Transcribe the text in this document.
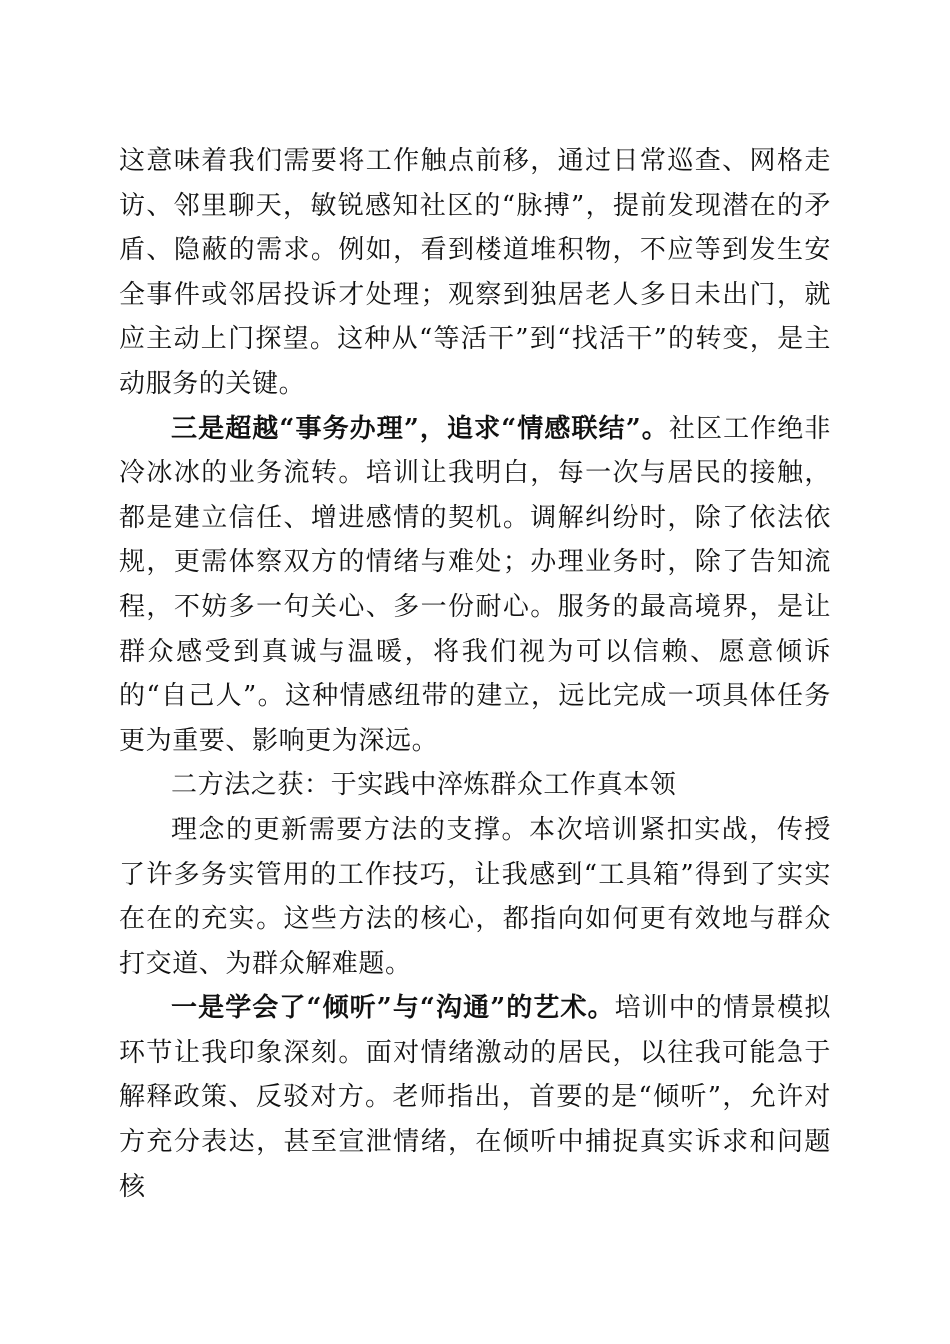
这意味着我们需要将工作触点前移，通过日常巡查、网格走访、邻里聊天，敏锐感知社区的“脉搏”，提前发现潜在的矛盾、隐蔽的需求。例如，看到楼道堆积物，不应等到发生安全事件或邻居投诉才处理；观察到独居老人多日未出门，就应主动上门探望。这种从“等活干”到“找活干”的转变，是主动服务的关键。

三是超越“事务办理”，追求“情感联结”。社区工作绝非冷冰冰的业务流转。培训让我明白，每一次与居民的接触，都是建立信任、增进感情的契机。调解纠纷时，除了依法依规，更需体察双方的情绪与难处；办理业务时，除了告知流程，不妨多一句关心、多一份耐心。服务的最高境界，是让群众感受到真诚与温暖，将我们视为可以信赖、愿意倾诉的“自己人”。这种情感纽带的建立，远比完成一项具体任务更为重要、影响更为深远。

二方法之获：于实践中淬炼群众工作真本领

理念的更新需要方法的支撑。本次培训紧扣实战，传授了许多务实管用的工作技巧，让我感到“工具箱”得到了实实在在的充实。这些方法的核心，都指向如何更有效地与群众打交道、为群众解难题。

一是学会了“倾听”与“沟通”的艺术。培训中的情景模拟环节让我印象深刻。面对情绪激动的居民，以往我可能急于解释政策、反驳对方。老师指出，首要的是“倾听”，允许对方充分表达，甚至宣泄情绪，在倾听中捕捉真实诉求和问题核
